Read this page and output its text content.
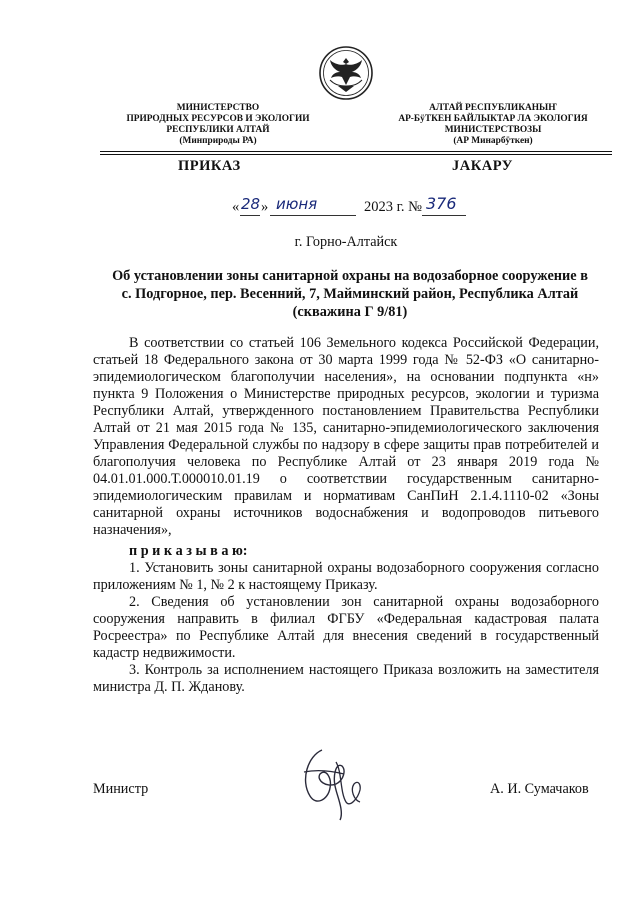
МИНИСТЕРСТВО
ПРИРОДНЫХ РЕСУРСОВ И ЭКОЛОГИИ
РЕСПУБЛИКИ АЛТАЙ
(Минприроды РА)
АЛТАЙ РЕСПУБЛИКАНЫҤ
АР-БÿТКЕН БАЙЛЫКТАР ЛА ЭКОЛОГИЯ
МИНИСТЕРСТВОЗЫ
(АР Минарбÿткен)
ПРИКАЗ	JАКАРУ
« 28 » июня	2023 г. № 376
г. Горно-Алтайск
Об установлении зоны санитарной охраны на водозаборное сооружение в
с. Подгорное, пер. Весенний, 7, Майминский район, Республика Алтай
(скважина Г 9/81)
В соответствии со статьей 106 Земельного кодекса Российской Федерации, статьей 18 Федерального закона от 30 марта 1999 года № 52-ФЗ «О санитарно-эпидемиологическом благополучии населения», на основании подпункта «н» пункта 9 Положения о Министерстве природных ресурсов, экологии и туризма Республики Алтай, утвержденного постановлением Правительства Республики Алтай от 21 мая 2015 года № 135, санитарно-эпидемиологического заключения Управления Федеральной службы по надзору в сфере защиты прав потребителей и благополучия человека по Республике Алтай от 23 января 2019 года № 04.01.01.000.Т.000010.01.19 о соответствии государственным санитарно-эпидемиологическим правилам и нормативам СанПиН 2.1.4.1110-02 «Зоны санитарной охраны источников водоснабжения и водопроводов питьевого назначения»,
п р и к а з ы в а ю:
1. Установить зоны санитарной охраны водозаборного сооружения согласно приложениям № 1, № 2 к настоящему Приказу.
2. Сведения об установлении зон санитарной охраны водозаборного сооружения направить в филиал ФГБУ «Федеральная кадастровая палата Росреестра» по Республике Алтай для внесения сведений в государственный кадастр недвижимости.
3. Контроль за исполнением настоящего Приказа возложить на заместителя министра Д. П. Жданову.
Министр	А. И. Сумачаков
